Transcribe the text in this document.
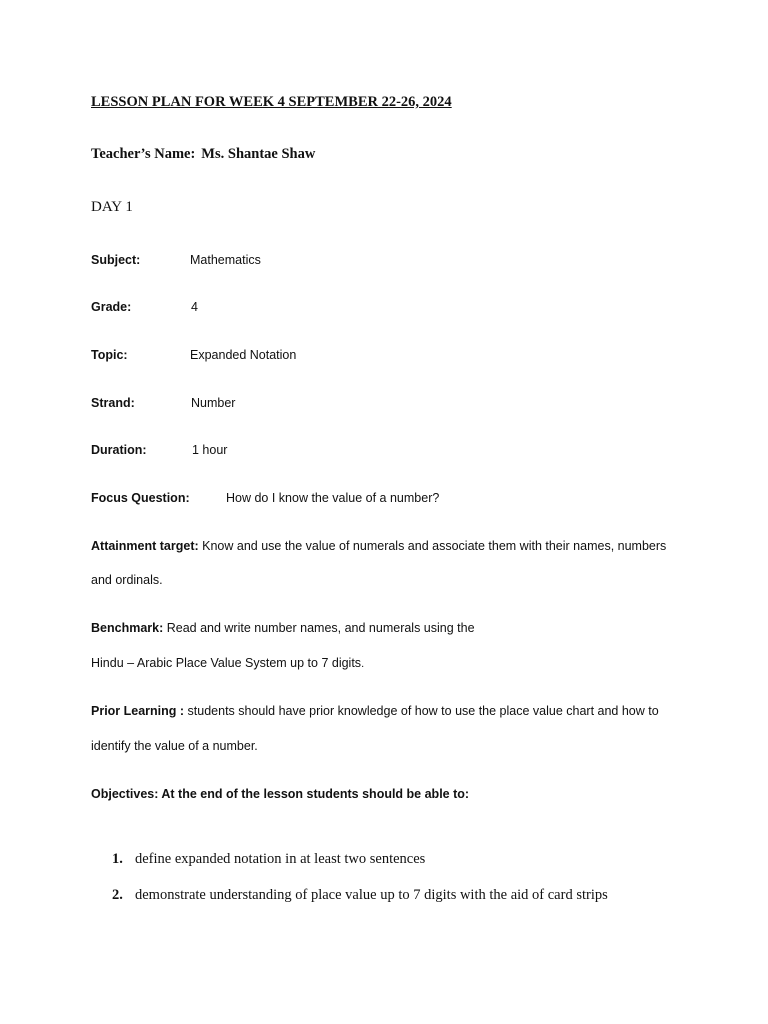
LESSON PLAN FOR WEEK 4 SEPTEMBER 22-26, 2024
Teacher’s Name: Ms. Shantae Shaw
DAY 1
Subject:	Mathematics
Grade:	4
Topic:	Expanded Notation
Strand:	Number
Duration:	1 hour
Focus Question:	How do I know the value of a number?
Attainment target: Know and use the value of numerals and associate them with their names, numbers
and ordinals.
Benchmark: Read and write number names, and numerals using the
Hindu – Arabic Place Value System up to 7 digits.
Prior Learning : students should have prior knowledge of how to use the place value chart and how to
identify the value of a number.
Objectives: At the end of the lesson students should be able to:
1. define expanded notation in at least two sentences
2. demonstrate understanding of place value up to 7 digits with the aid of card strips
